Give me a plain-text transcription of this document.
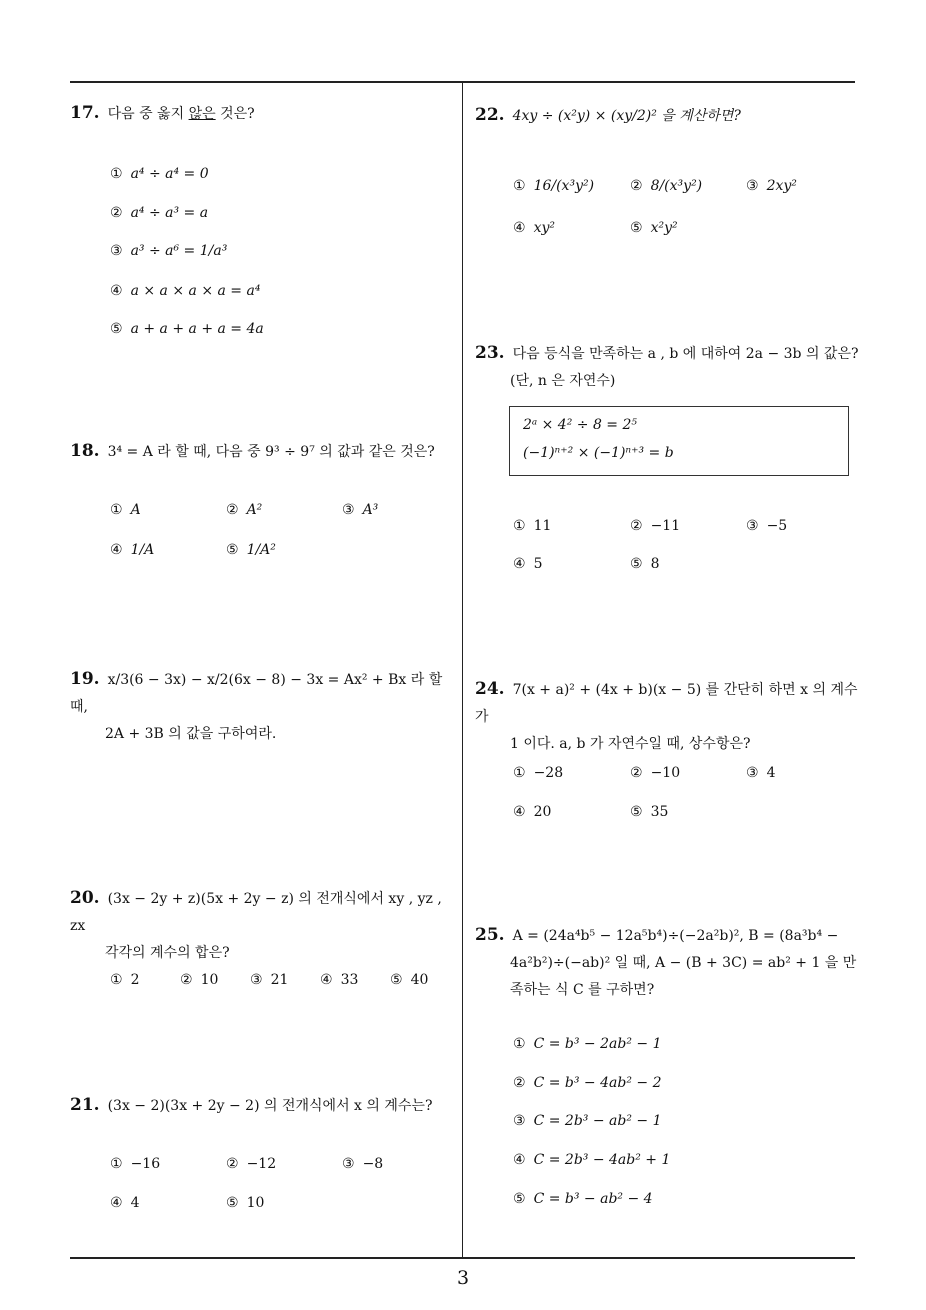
17. 다음 중 옳지 않은 것은?
① a⁴ ÷ a⁴ = 0
② a⁴ ÷ a³ = a
③ a³ ÷ a⁶ = 1/a³
④ a × a × a × a = a⁴
⑤ a + a + a + a = 4a
18. 3⁴ = A 라 할 때, 다음 중 9³ ÷ 9⁷ 의 값과 같은 것은?
① A	② A²	③ A³
④ 1/A	⑤ 1/A²
19. x/3(6 − 3x) − x/2(6x − 8) − 3x = Ax² + Bx 라 할 때,
2A + 3B 의 값을 구하여라.
20. (3x − 2y + z)(5x + 2y − z) 의 전개식에서 xy , yz , zx
각각의 계수의 합은?
① 2	② 10 ③ 21 ④ 33 ⑤ 40
21. (3x − 2)(3x + 2y − 2) 의 전개식에서 x 의 계수는?
① −16	② −12	③ −8
④ 4	⑤ 10
22. 4xy ÷ (x²y) × (xy/2)² 을 계산하면?
① 16/(x³y²)	② 8/(x³y²)	③ 2xy²
④ xy²	⑤ x²y²
23. 다음 등식을 만족하는 a , b 에 대하여 2a − 3b 의 값은?
(단, n 은 자연수)
2ᵃ × 4² ÷ 8 = 2⁵
(−1)ⁿ⁺² × (−1)ⁿ⁺³ = b
① 11	② −11	③ −5
④ 5	⑤ 8
24. 7(x + a)² + (4x + b)(x − 5) 를 간단히 하면 x 의 계수가
1 이다. a, b 가 자연수일 때, 상수항은?
① −28	② −10	③ 4
④ 20	⑤ 35
25. A = (24a⁴b⁵ − 12a⁵b⁴)÷(−2a²b)², B = (8a³b⁴ −
4a²b²)÷(−ab)² 일 때, A − (B + 3C) = ab² + 1 을 만
족하는 식 C 를 구하면?
① C = b³ − 2ab² − 1
② C = b³ − 4ab² − 2
③ C = 2b³ − ab² − 1
④ C = 2b³ − 4ab² + 1
⑤ C = b³ − ab² − 4
3
